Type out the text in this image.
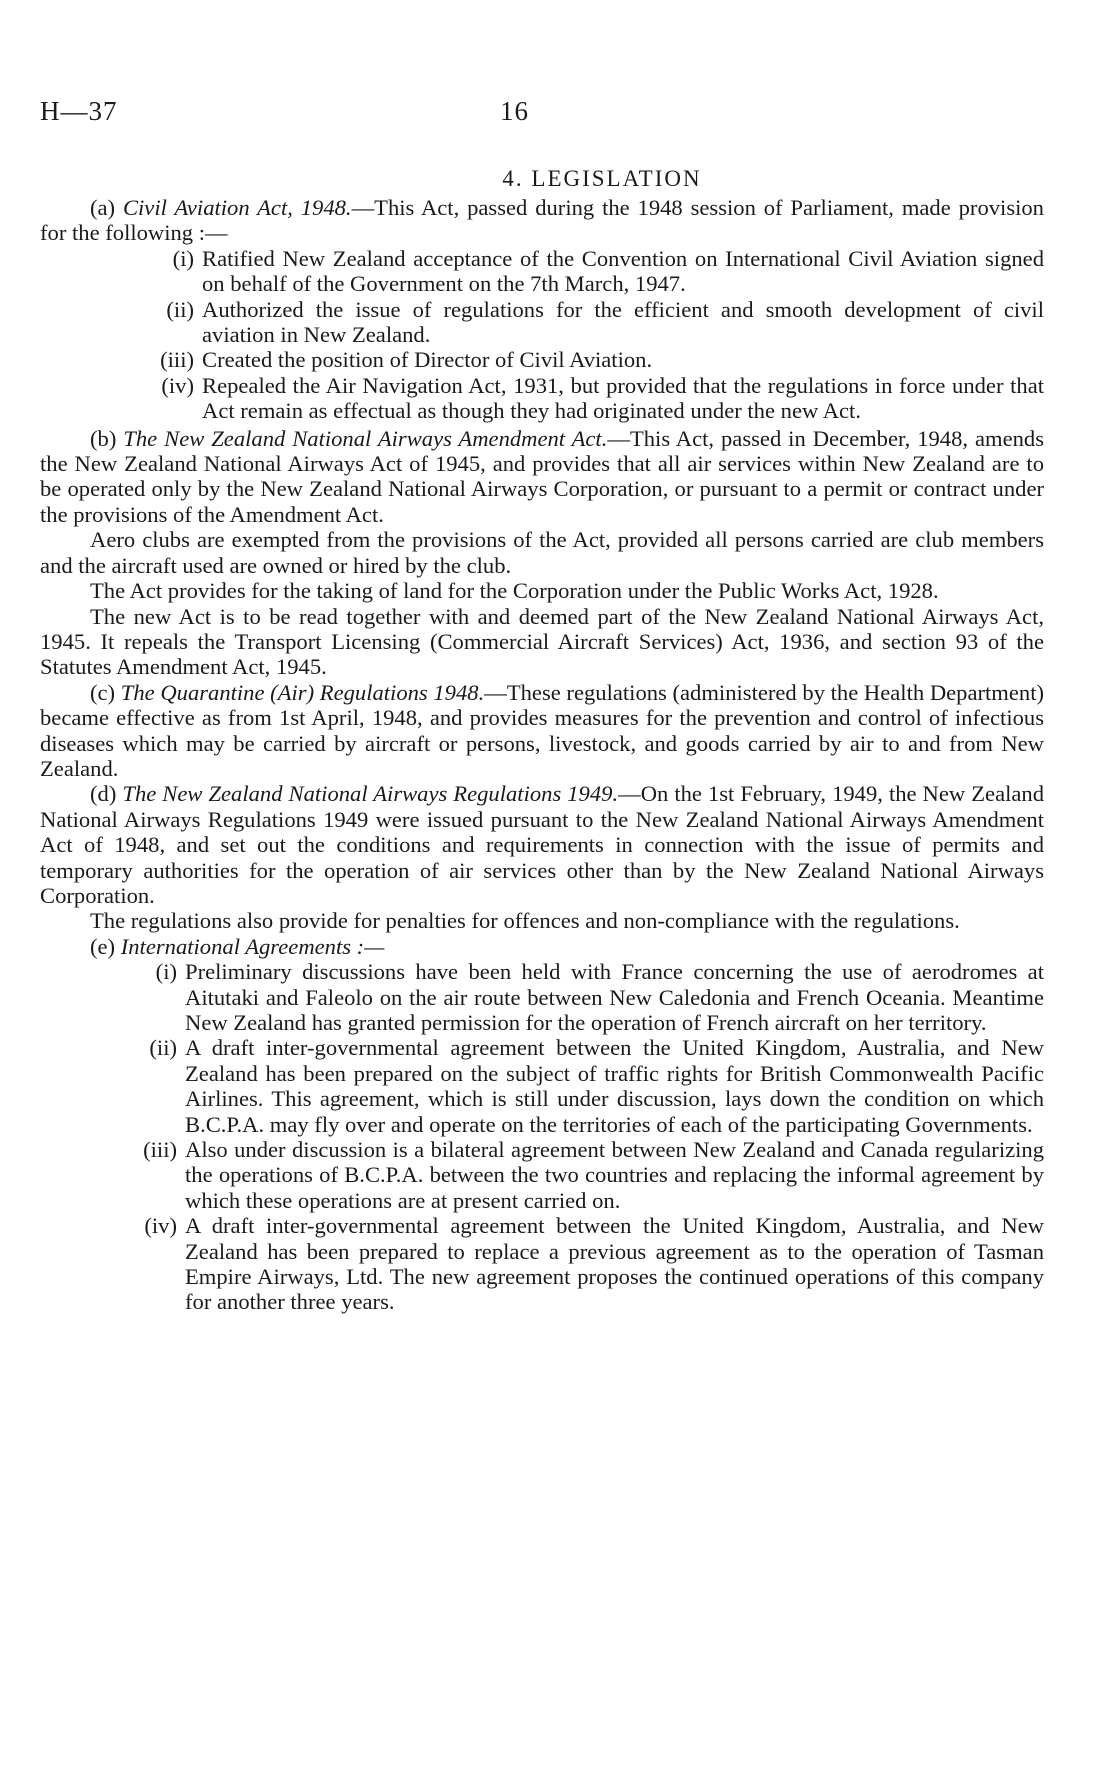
H—37	16
4. LEGISLATION

(a) Civil Aviation Act, 1948.—This Act, passed during the 1948 session of Parliament, made provision for the following :—

(i) Ratified New Zealand acceptance of the Convention on International Civil Aviation signed on behalf of the Government on the 7th March, 1947.
(ii) Authorized the issue of regulations for the efficient and smooth development of civil aviation in New Zealand.
(iii) Created the position of Director of Civil Aviation.
(iv) Repealed the Air Navigation Act, 1931, but provided that the regulations in force under that Act remain as effectual as though they had originated under the new Act.

(b) The New Zealand National Airways Amendment Act.—This Act, passed in December, 1948, amends the New Zealand National Airways Act of 1945, and provides that all air services within New Zealand are to be operated only by the New Zealand National Airways Corporation, or pursuant to a permit or contract under the provisions of the Amendment Act.

Aero clubs are exempted from the provisions of the Act, provided all persons carried are club members and the aircraft used are owned or hired by the club.

The Act provides for the taking of land for the Corporation under the Public Works Act, 1928.

The new Act is to be read together with and deemed part of the New Zealand National Airways Act, 1945. It repeals the Transport Licensing (Commercial Aircraft Services) Act, 1936, and section 93 of the Statutes Amendment Act, 1945.

(c) The Quarantine (Air) Regulations 1948.—These regulations (administered by the Health Department) became effective as from 1st April, 1948, and provides measures for the prevention and control of infectious diseases which may be carried by aircraft or persons, livestock, and goods carried by air to and from New Zealand.

(d) The New Zealand National Airways Regulations 1949.—On the 1st February, 1949, the New Zealand National Airways Regulations 1949 were issued pursuant to the New Zealand National Airways Amendment Act of 1948, and set out the conditions and requirements in connection with the issue of permits and temporary authorities for the operation of air services other than by the New Zealand National Airways Corporation.

The regulations also provide for penalties for offences and non-compliance with the regulations.

(e) International Agreements :—

(i) Preliminary discussions have been held with France concerning the use of aerodromes at Aitutaki and Faleolo on the air route between New Caledonia and French Oceania. Meantime New Zealand has granted permission for the operation of French aircraft on her territory.
(ii) A draft inter-governmental agreement between the United Kingdom, Australia, and New Zealand has been prepared on the subject of traffic rights for British Commonwealth Pacific Airlines. This agreement, which is still under discussion, lays down the condition on which B.C.P.A. may fly over and operate on the territories of each of the participating Governments.
(iii) Also under discussion is a bilateral agreement between New Zealand and Canada regularizing the operations of B.C.P.A. between the two countries and replacing the informal agreement by which these operations are at present carried on.
(iv) A draft inter-governmental agreement between the United Kingdom, Australia, and New Zealand has been prepared to replace a previous agreement as to the operation of Tasman Empire Airways, Ltd. The new agreement proposes the continued operations of this company for another three years.
